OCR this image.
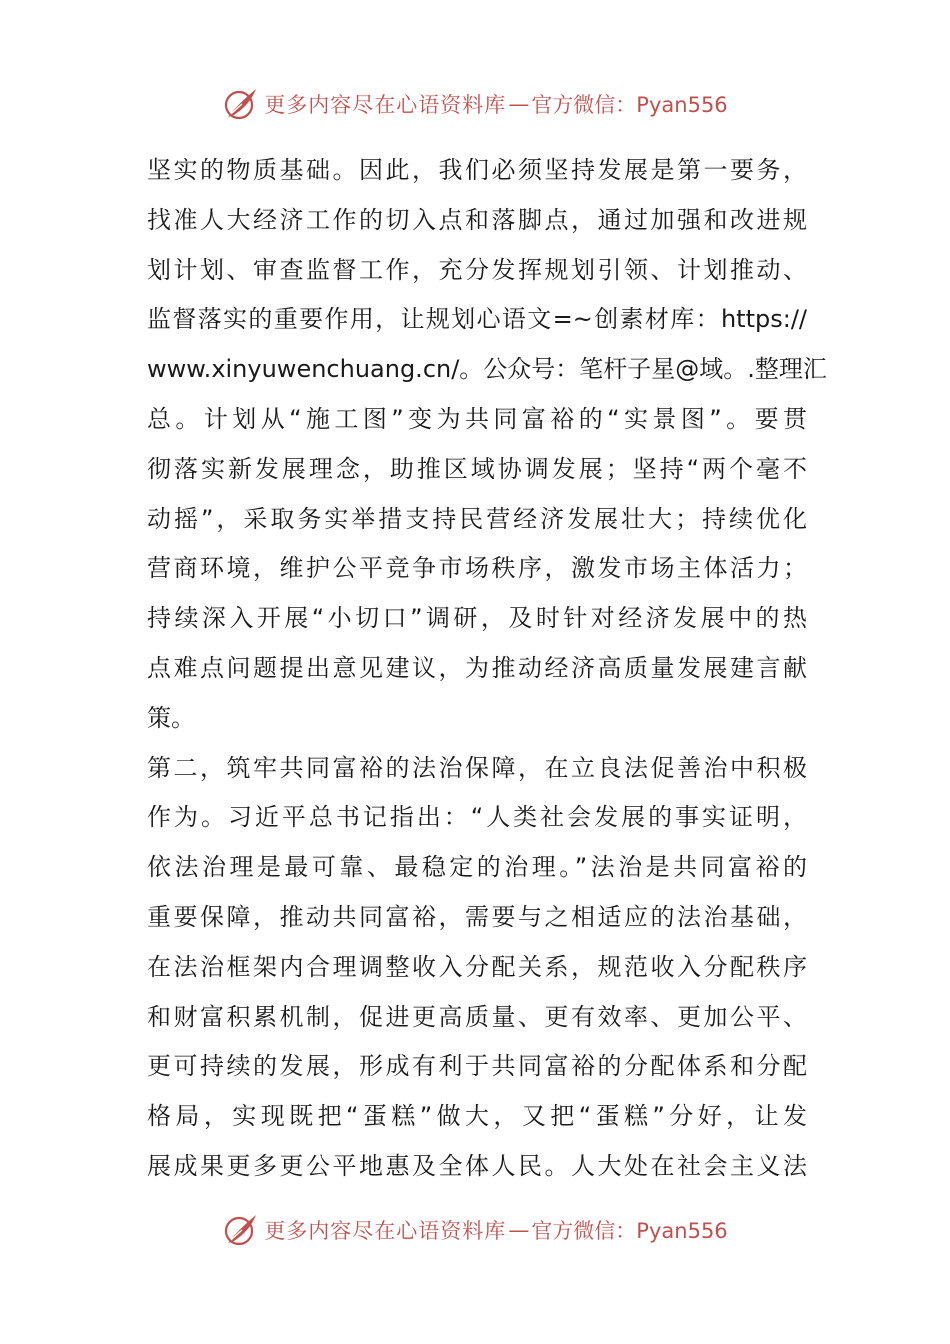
更多内容尽在心语资料库 — 官方微信：Pyan556
坚实的物质基础。因此，我们必须坚持发展是第一要务，
找准人大经济工作的切入点和落脚点，通过加强和改进规
划计划、审查监督工作，充分发挥规划引领、计划推动、
监督落实的重要作用，让规划心语文=~创素材库：https://
www.xinyuwenchuang.cn/。公众号：笔杆子星@域。.整理汇
总。计划从“施工图”变为共同富裕的“实景图”。要贯
彻落实新发展理念，助推区域协调发展；坚持“两个毫不
动摇”，采取务实举措支持民营经济发展壮大；持续优化
营商环境，维护公平竞争市场秩序，激发市场主体活力；
持续深入开展“小切口”调研，及时针对经济发展中的热
点难点问题提出意见建议，为推动经济高质量发展建言献
策。
第二，筑牢共同富裕的法治保障，在立良法促善治中积极
作为。习近平总书记指出：“人类社会发展的事实证明，
依法治理是最可靠、最稳定的治理。”法治是共同富裕的
重要保障，推动共同富裕，需要与之相适应的法治基础，
在法治框架内合理调整收入分配关系，规范收入分配秩序
和财富积累机制，促进更高质量、更有效率、更加公平、
更可持续的发展，形成有利于共同富裕的分配体系和分配
格局，实现既把“蛋糕”做大，又把“蛋糕”分好，让发
展成果更多更公平地惠及全体人民。人大处在社会主义法
更多内容尽在心语资料库 — 官方微信：Pyan556
